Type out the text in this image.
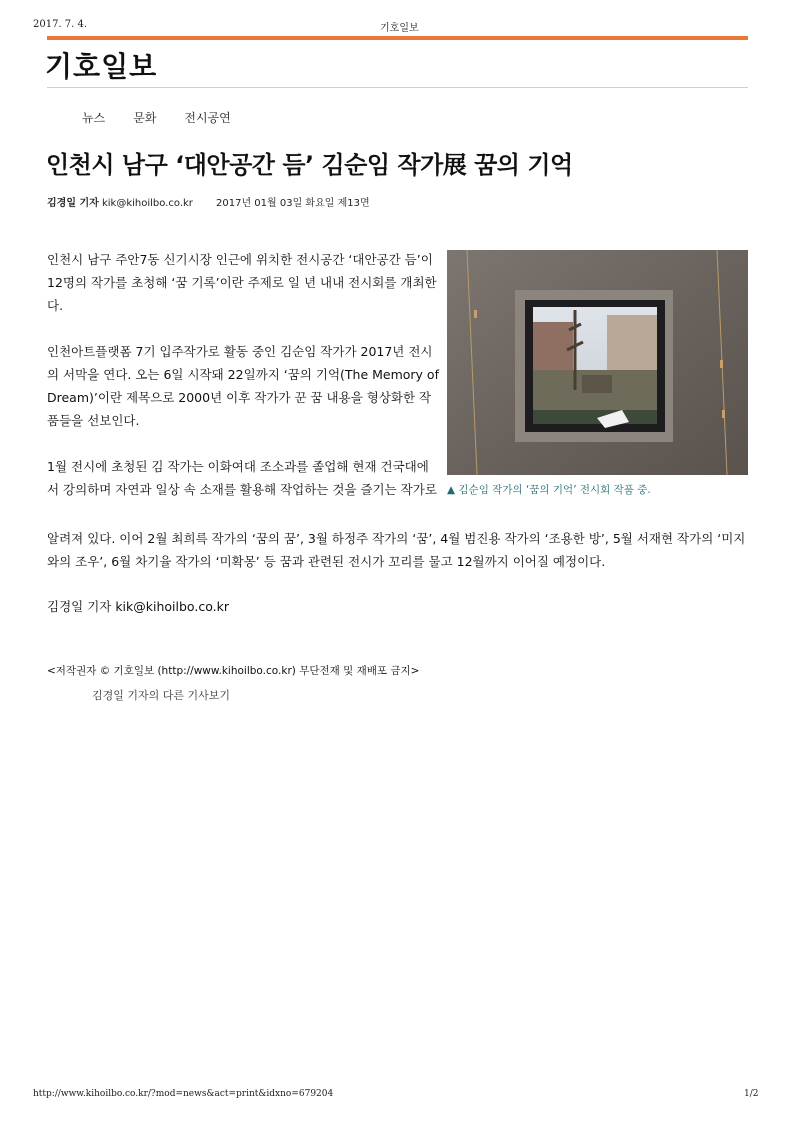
2017. 7. 4.	기호일보
기호일보
뉴스 문화 전시공연
인천시 남구 ‘대안공간 듬’ 김순임 작가展 꿈의 기억
김경일 기자 kik@kihoilbo.co.kr 2017년 01월 03일 화요일 제13면

인천시 남구 주안7동 신기시장 인근에 위치한 전시공간 ‘대안공간 듬’이 12명의 작가를 초청해 ‘꿈 기록’이란 주제로 일 년 내내 전시회를 개최한다.

인천아트플랫폼 7기 입주작가로 활동 중인 김순임 작가가 2017년 전시의 서막을 연다. 오는 6일 시작돼 22일까지 ‘꿈의 기억(The Memory of Dream)’이란 제목으로 2000년 이후 작가가 꾼 꿈 내용을 형상화한 작품들을 선보인다.

1월 전시에 초청된 김 작가는 이화여대 조소과를 졸업해 현재 건국대에서 강의하며 자연과 일상 속 소재를 활용해 작업하는 것을 즐기는 작가로

알려져 있다. 이어 2월 최희륵 작가의 ‘꿈의 꿈’, 3월 하정주 작가의 ‘꿈’, 4월 범진용 작가의 ‘조용한 방’, 5월 서재현 작가의 ‘미지와의 조우’, 6월 차기율 작가의 ‘미확몽’ 등 꿈과 관련된 전시가 꼬리를 물고 12월까지 이어질 예정이다.
김경일 기자 kik@kihoilbo.co.kr
▲ 김순임 작가의 ‘꿈의 기억’ 전시회 작품 중.
<저작권자 © 기호일보 (http://www.kihoilbo.co.kr) 무단전재 및 재배포 금지>
김경일 기자의 다른 기사보기
http://www.kihoilbo.co.kr/?mod=news&act=print&idxno=679204	1/2
